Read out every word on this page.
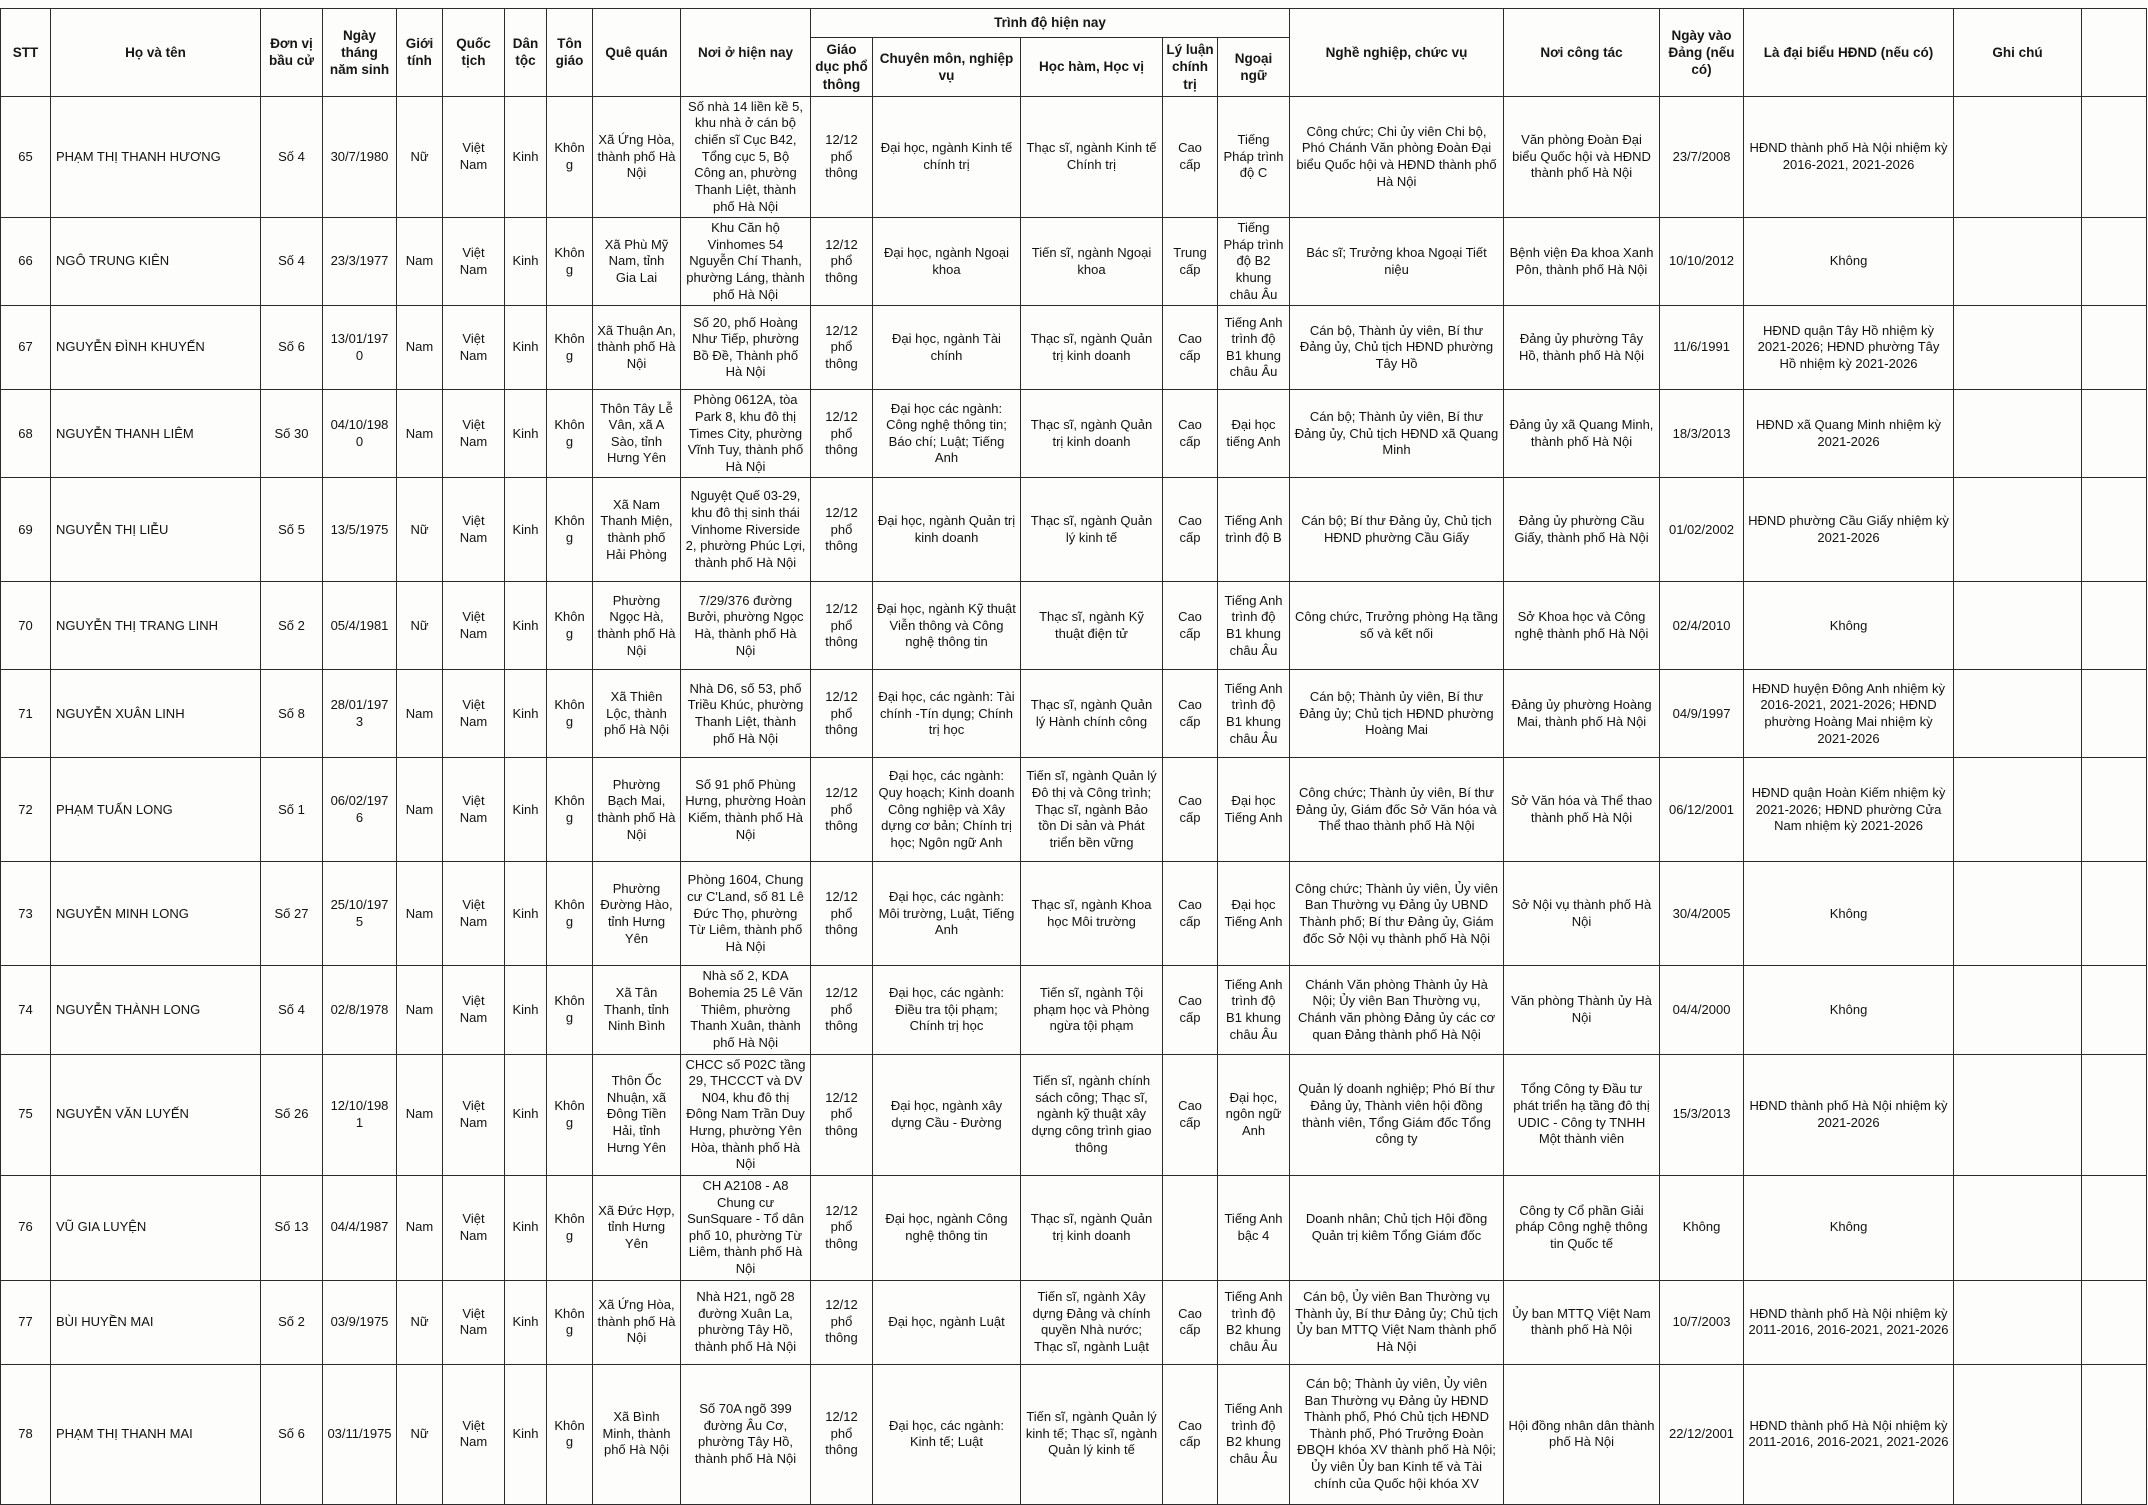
STT	Họ và tên	Đơn vị bầu cử	Ngày tháng năm sinh	Giới tính	Quốc tịch	Dân tộc	Tôn giáo	Quê quán	Nơi ở hiện nay	Trình độ hiện nay					Nghề nghiệp, chức vụ	Nơi công tác	Ngày vào Đảng (nếu có)	Là đại biểu HĐND (nếu có)	Ghi chú	
										Giáo dục phổ thông	Chuyên môn, nghiệp vụ	Học hàm, Học vị	Lý luận chính trị	Ngoại ngữ						
65	PHẠM THỊ THANH HƯƠNG	Số 4	30/7/1980	Nữ	Việt Nam	Kinh	Không	Xã Ứng Hòa, thành phố Hà Nội	Số nhà 14 liền kề 5, khu nhà ở cán bộ chiến sĩ Cục B42, Tổng cục 5, Bộ Công an, phường Thanh Liệt, thành phố Hà Nội	12/12 phổ thông	Đại học, ngành Kinh tế chính trị	Thạc sĩ, ngành Kinh tế Chính trị	Cao cấp	Tiếng Pháp trình độ C	Công chức; Chi ủy viên Chi bộ, Phó Chánh Văn phòng Đoàn Đại biểu Quốc hội và HĐND thành phố Hà Nội	Văn phòng Đoàn Đại biểu Quốc hội và HĐND thành phố Hà Nội	23/7/2008	HĐND thành phố Hà Nội nhiệm kỳ 2016-2021, 2021-2026		
66	NGÔ TRUNG KIÊN	Số 4	23/3/1977	Nam	Việt Nam	Kinh	Không	Xã Phù Mỹ Nam, tỉnh Gia Lai	Khu Căn hộ Vinhomes 54 Nguyễn Chí Thanh, phường Láng, thành phố Hà Nội	12/12 phổ thông	Đại học, ngành Ngoại khoa	Tiến sĩ, ngành Ngoại khoa	Trung cấp	Tiếng Pháp trình độ B2 khung châu Âu	Bác sĩ; Trưởng khoa Ngoại Tiết niệu	Bệnh viện Đa khoa Xanh Pôn, thành phố Hà Nội	10/10/2012	Không		
67	NGUYỄN ĐÌNH KHUYẾN	Số 6	13/01/1970	Nam	Việt Nam	Kinh	Không	Xã Thuận An, thành phố Hà Nội	Số 20, phố Hoàng Như Tiếp, phường Bồ Đề, Thành phố Hà Nội	12/12 phổ thông	Đại học, ngành Tài chính	Thạc sĩ, ngành Quản trị kinh doanh	Cao cấp	Tiếng Anh trình độ B1 khung châu Âu	Cán bộ, Thành ủy viên, Bí thư Đảng ủy, Chủ tịch HĐND phường Tây Hồ	Đảng ủy phường Tây Hồ, thành phố Hà Nội	11/6/1991	HĐND quận Tây Hồ nhiệm kỳ 2021-2026; HĐND phường Tây Hồ nhiệm kỳ 2021-2026		
68	NGUYỄN THANH LIÊM	Số 30	04/10/1980	Nam	Việt Nam	Kinh	Không	Thôn Tây Lễ Vân, xã A Sào, tỉnh Hưng Yên	Phòng 0612A, tòa Park 8, khu đô thị Times City, phường Vĩnh Tuy, thành phố Hà Nội	12/12 phổ thông	Đại học các ngành: Công nghệ thông tin; Báo chí; Luật; Tiếng Anh	Thạc sĩ, ngành Quản trị kinh doanh	Cao cấp	Đại học tiếng Anh	Cán bộ; Thành ủy viên, Bí thư Đảng ủy, Chủ tịch HĐND xã Quang Minh	Đảng ủy xã Quang Minh, thành phố Hà Nội	18/3/2013	HĐND xã Quang Minh nhiệm kỳ 2021-2026		
69	NGUYỄN THỊ LIỄU	Số 5	13/5/1975	Nữ	Việt Nam	Kinh	Không	Xã Nam Thanh Miện, thành phố Hải Phòng	Nguyệt Quế 03-29, khu đô thị sinh thái Vinhome Riverside 2, phường Phúc Lợi, thành phố Hà Nội	12/12 phổ thông	Đại học, ngành Quản trị kinh doanh	Thạc sĩ, ngành Quản lý kinh tế	Cao cấp	Tiếng Anh trình độ B	Cán bộ; Bí thư Đảng ủy, Chủ tịch HĐND phường Cầu Giấy	Đảng ủy phường Cầu Giấy, thành phố Hà Nội	01/02/2002	HĐND phường Cầu Giấy nhiệm kỳ 2021-2026		
70	NGUYỄN THỊ TRANG LINH	Số 2	05/4/1981	Nữ	Việt Nam	Kinh	Không	Phường Ngọc Hà, thành phố Hà Nội	7/29/376 đường Bưởi, phường Ngọc Hà, thành phố Hà Nội	12/12 phổ thông	Đại học, ngành Kỹ thuật Viễn thông và Công nghệ thông tin	Thạc sĩ, ngành Kỹ thuật điện tử	Cao cấp	Tiếng Anh trình độ B1 khung châu Âu	Công chức, Trưởng phòng Hạ tầng số và kết nối	Sở Khoa học và Công nghệ thành phố Hà Nội	02/4/2010	Không		
71	NGUYỄN XUÂN LINH	Số 8	28/01/1973	Nam	Việt Nam	Kinh	Không	Xã Thiên Lộc, thành phố Hà Nội	Nhà D6, số 53, phố Triều Khúc, phường Thanh Liệt, thành phố Hà Nội	12/12 phổ thông	Đại học, các ngành: Tài chính -Tín dụng; Chính trị học	Thạc sĩ, ngành Quản lý Hành chính công	Cao cấp	Tiếng Anh trình độ B1 khung châu Âu	Cán bộ; Thành ủy viên, Bí thư Đảng ủy; Chủ tịch HĐND phường Hoàng Mai	Đảng ủy phường Hoàng Mai, thành phố Hà Nội	04/9/1997	HĐND huyện Đông Anh nhiệm kỳ 2016-2021, 2021-2026; HĐND phường Hoàng Mai nhiệm kỳ 2021-2026		
72	PHẠM TUẤN LONG	Số 1	06/02/1976	Nam	Việt Nam	Kinh	Không	Phường Bạch Mai, thành phố Hà Nội	Số 91 phố Phùng Hưng, phường Hoàn Kiếm, thành phố Hà Nội	12/12 phổ thông	Đại học, các ngành: Quy hoạch; Kinh doanh Công nghiệp và Xây dựng cơ bản; Chính trị học; Ngôn ngữ Anh	Tiến sĩ, ngành Quản lý Đô thị và Công trình; Thạc sĩ, ngành Bảo tồn Di sản và Phát triển bền vững	Cao cấp	Đại học Tiếng Anh	Công chức; Thành ủy viên, Bí thư Đảng ủy, Giám đốc Sở Văn hóa và Thể thao thành phố Hà Nội	Sở Văn hóa và Thể thao thành phố Hà Nội	06/12/2001	HĐND quận Hoàn Kiếm nhiệm kỳ 2021-2026; HĐND phường Cửa Nam nhiệm kỳ 2021-2026		
73	NGUYỄN MINH LONG	Số 27	25/10/1975	Nam	Việt Nam	Kinh	Không	Phường Đường Hào, tỉnh Hưng Yên	Phòng 1604, Chung cư C'Land, số 81 Lê Đức Thọ, phường Từ Liêm, thành phố Hà Nội	12/12 phổ thông	Đại học, các ngành: Môi trường, Luật, Tiếng Anh	Thạc sĩ, ngành Khoa học Môi trường	Cao cấp	Đại học Tiếng Anh	Công chức; Thành ủy viên, Ủy viên Ban Thường vụ Đảng ủy UBND Thành phố; Bí thư Đảng ủy, Giám đốc Sở Nội vụ thành phố Hà Nội	Sở Nội vụ thành phố Hà Nội	30/4/2005	Không		
74	NGUYỄN THÀNH LONG	Số 4	02/8/1978	Nam	Việt Nam	Kinh	Không	Xã Tân Thanh, tỉnh Ninh Bình	Nhà số 2, KDA Bohemia 25 Lê Văn Thiêm, phường Thanh Xuân, thành phố Hà Nội	12/12 phổ thông	Đại học, các ngành: Điều tra tội phạm; Chính trị học	Tiến sĩ, ngành Tội phạm học và Phòng ngừa tội phạm	Cao cấp	Tiếng Anh trình độ B1 khung châu Âu	Chánh Văn phòng Thành ủy Hà Nội; Ủy viên Ban Thường vụ, Chánh văn phòng Đảng ủy các cơ quan Đảng thành phố Hà Nội	Văn phòng Thành ủy Hà Nội	04/4/2000	Không		
75	NGUYỄN VĂN LUYẾN	Số 26	12/10/1981	Nam	Việt Nam	Kinh	Không	Thôn Ốc Nhuận, xã Đông Tiền Hải, tỉnh Hưng Yên	CHCC số P02C tầng 29, THCCCT và DV N04, khu đô thị Đông Nam Trần Duy Hưng, phường Yên Hòa, thành phố Hà Nội	12/12 phổ thông	Đại học, ngành xây dựng Cầu - Đường	Tiến sĩ, ngành chính sách công; Thạc sĩ, ngành kỹ thuật xây dựng công trình giao thông	Cao cấp	Đại học, ngôn ngữ Anh	Quản lý doanh nghiệp; Phó Bí thư Đảng ủy, Thành viên hội đồng thành viên, Tổng Giám đốc Tổng công ty	Tổng Công ty Đầu tư phát triển hạ tầng đô thị UDIC - Công ty TNHH Một thành viên	15/3/2013	HĐND thành phố Hà Nội nhiệm kỳ 2021-2026		
76	VŨ GIA LUYỆN	Số 13	04/4/1987	Nam	Việt Nam	Kinh	Không	Xã Đức Hợp, tỉnh Hưng Yên	CH A2108 - A8 Chung cư SunSquare - Tổ dân phố 10, phường Từ Liêm, thành phố Hà Nội	12/12 phổ thông	Đại học, ngành Công nghệ thông tin	Thạc sĩ, ngành Quản trị kinh doanh		Tiếng Anh bậc 4	Doanh nhân; Chủ tịch Hội đồng Quản trị kiêm Tổng Giám đốc	Công ty Cổ phần Giải pháp Công nghệ thông tin Quốc tế	Không	Không		
77	BÙI HUYỀN MAI	Số 2	03/9/1975	Nữ	Việt Nam	Kinh	Không	Xã Ứng Hòa, thành phố Hà Nội	Nhà H21, ngõ 28 đường Xuân La, phường Tây Hồ, thành phố Hà Nội	12/12 phổ thông	Đại học, ngành Luật	Tiến sĩ, ngành Xây dựng Đảng và chính quyền Nhà nước; Thạc sĩ, ngành Luật	Cao cấp	Tiếng Anh trình độ B2 khung châu Âu	Cán bộ, Ủy viên Ban Thường vụ Thành ủy, Bí thư Đảng ủy; Chủ tịch Ủy ban MTTQ Việt Nam thành phố Hà Nội	Ủy ban MTTQ Việt Nam thành phố Hà Nội	10/7/2003	HĐND thành phố Hà Nội nhiệm kỳ 2011-2016, 2016-2021, 2021-2026		
78	PHẠM THỊ THANH MAI	Số 6	03/11/1975	Nữ	Việt Nam	Kinh	Không	Xã Bình Minh, thành phố Hà Nội	Số 70A ngõ 399 đường Âu Cơ, phường Tây Hồ, thành phố Hà Nội	12/12 phổ thông	Đại học, các ngành: Kinh tế; Luật	Tiến sĩ, ngành Quản lý kinh tế; Thạc sĩ, ngành Quản lý kinh tế	Cao cấp	Tiếng Anh trình độ B2 khung châu Âu	Cán bộ; Thành ủy viên, Ủy viên Ban Thường vụ Đảng ủy HĐND Thành phố, Phó Chủ tịch HĐND Thành phố, Phó Trưởng Đoàn ĐBQH khóa XV thành phố Hà Nội; Ủy viên Ủy ban Kinh tế và Tài chính của Quốc hội khóa XV	Hội đồng nhân dân thành phố Hà Nội	22/12/2001	HĐND thành phố Hà Nội nhiệm kỳ 2011-2016, 2016-2021, 2021-2026		
